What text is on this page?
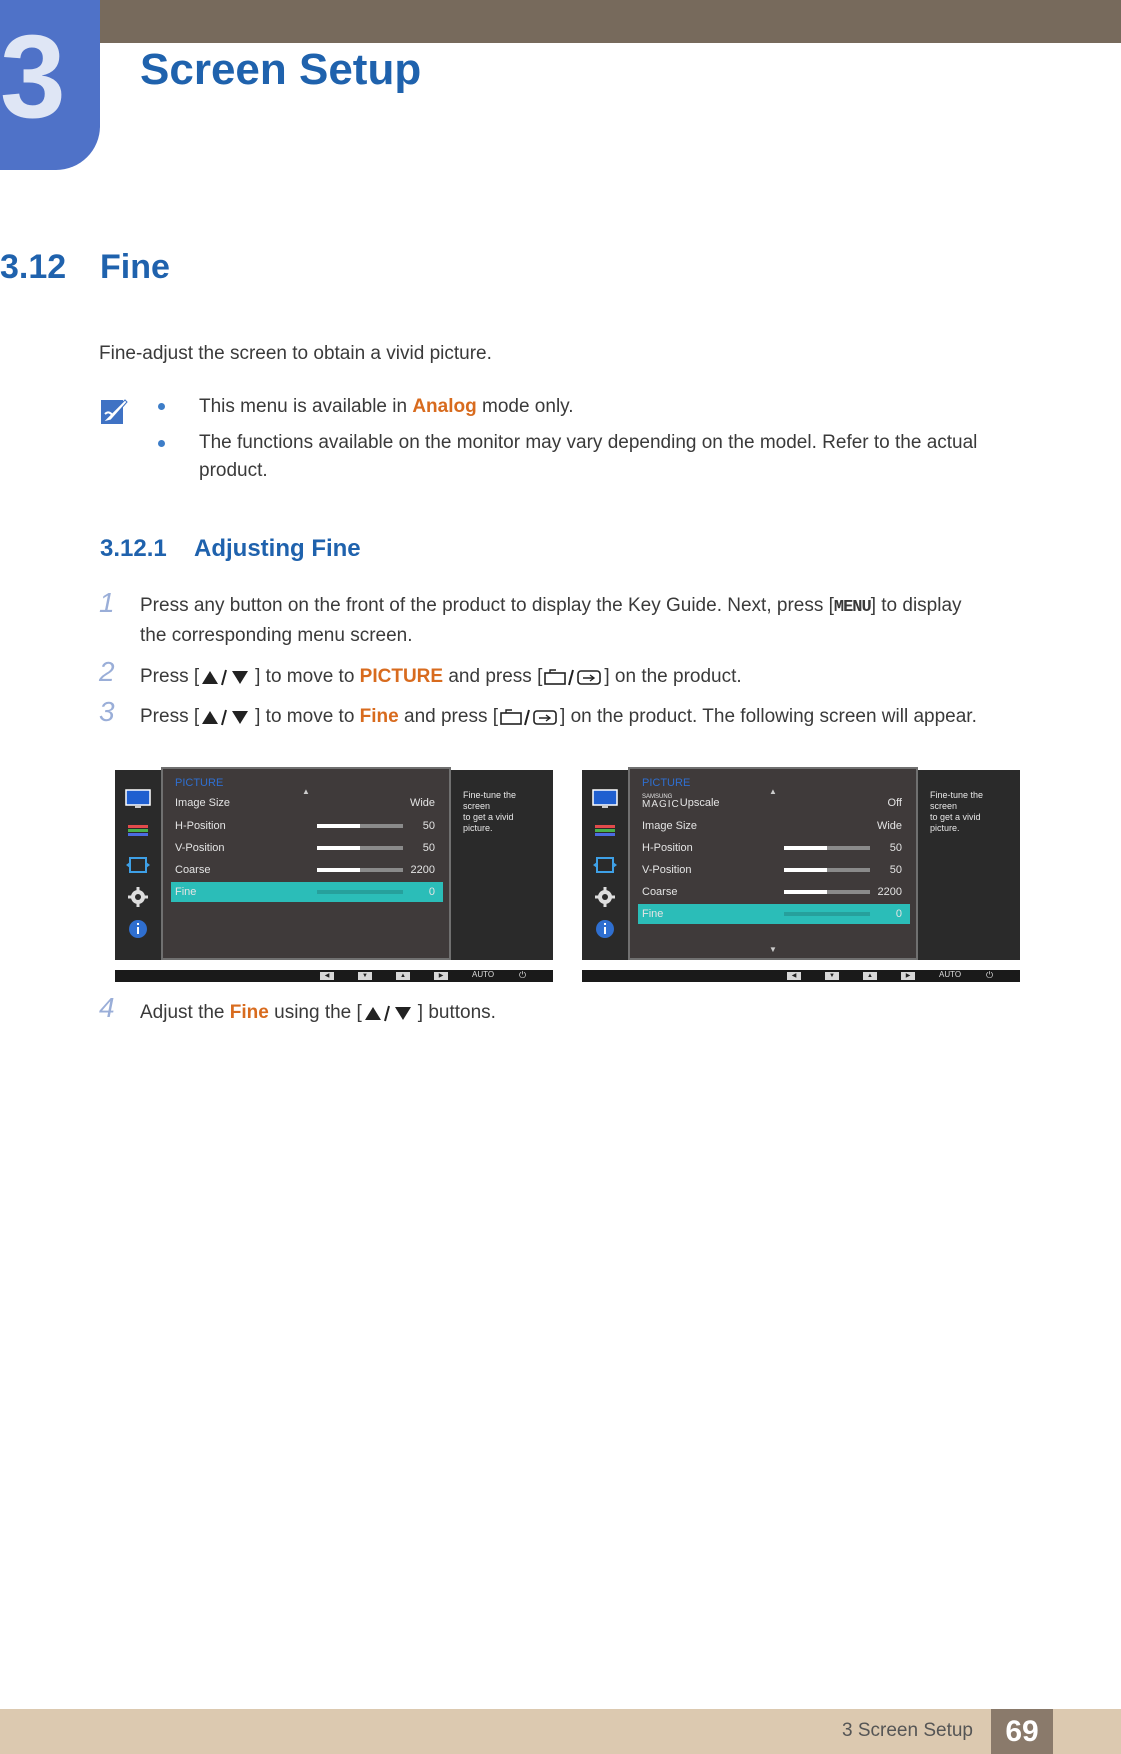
3 Screen Setup
3.12 Fine
Fine-adjust the screen to obtain a vivid picture.
This menu is available in Analog mode only.
The functions available on the monitor may vary depending on the model. Refer to the actual
product.
3.12.1 Adjusting Fine
1 Press any button on the front of the product to display the Key Guide. Next, press [MENU] to display
the corresponding menu screen.
2 Press [	] to move to PICTURE and press [	] on the product.
3 Press [	] to move to Fine and press [	] on the product. The following screen will appear.
PICTURE
▲
Image Size	Wide
H-Position	50
V-Position	50
Coarse	2200
Fine	0
Fine-tune the
screen
to get a vivid
picture.
◀	▼	▲	▶	AUTO	⏻
PICTURE
▲
SAMSUNG
MAGICUpscale	Off
Image Size	Wide
H-Position	50
V-Position	50
Coarse	2200
Fine	0
▼
Fine-tune the
screen
to get a vivid
picture.
◀	▼	▲	▶	AUTO	⏻
4 Adjust the Fine using the [	] buttons.
3 Screen Setup	69
